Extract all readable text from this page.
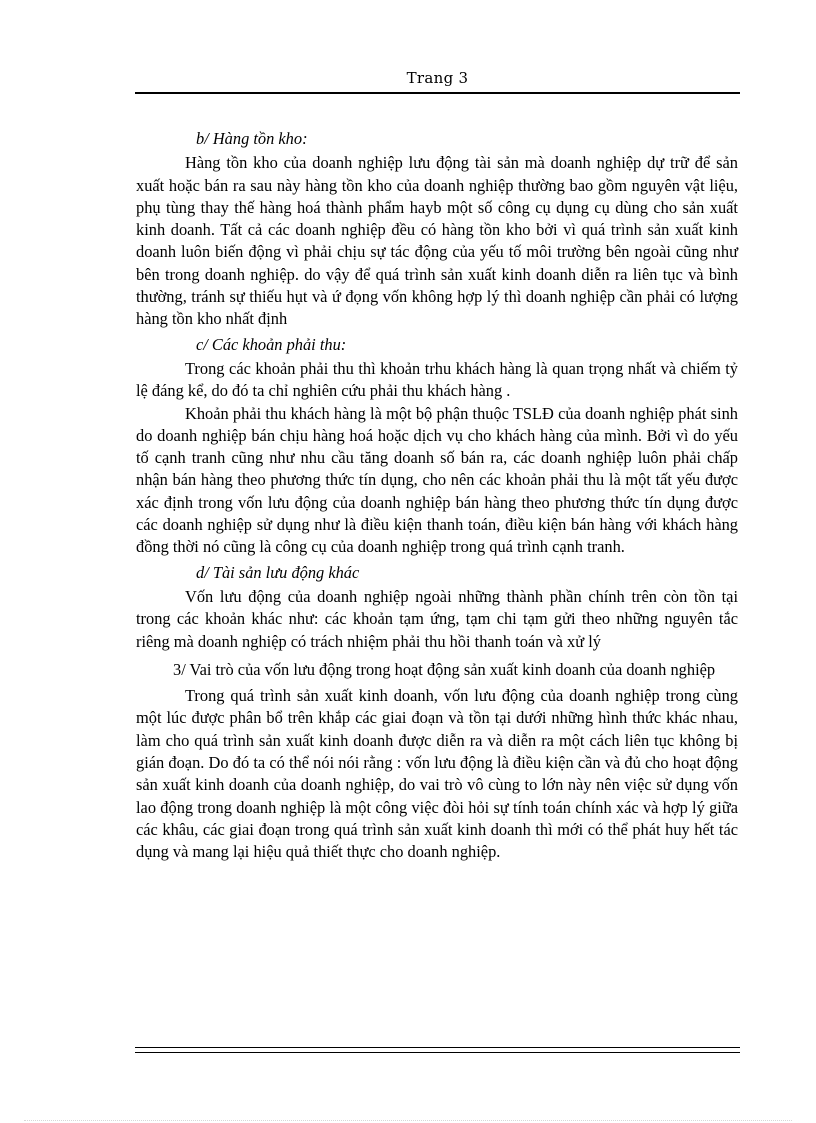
Trang 3

b/ Hàng tồn kho:

Hàng tồn kho của doanh nghiệp lưu động tài sản mà doanh nghiệp dự trữ để sản xuất hoặc bán ra sau này hàng tồn kho của doanh nghiệp thường bao gồm nguyên vật liệu, phụ tùng thay thế hàng hoá thành phẩm hayb một số công cụ dụng cụ dùng cho sản xuất kinh doanh. Tất cả các doanh nghiệp đều có hàng tồn kho bởi vì quá trình sản xuất kinh doanh luôn biến động vì phải chịu sự tác động của yếu tố môi trường bên ngoài cũng như bên trong doanh nghiệp. do vậy để quá trình sản xuất kinh doanh diễn ra liên tục và bình thường, tránh sự thiếu hụt và ứ đọng vốn không hợp lý thì doanh nghiệp cần phải có lượng hàng tồn kho nhất định

c/ Các khoản phải thu:

Trong các khoản phải thu thì khoản trhu khách hàng là quan trọng nhất và chiếm tỷ lệ đáng kể, do đó ta chỉ nghiên cứu phải thu khách hàng .

Khoản phải thu khách hàng là một bộ phận thuộc TSLĐ của doanh nghiệp phát sinh do doanh nghiệp bán chịu hàng hoá hoặc dịch vụ cho khách hàng của mình. Bởi vì do yếu tố cạnh tranh cũng như nhu cầu tăng doanh số bán ra, các doanh nghiệp luôn phải chấp nhận bán hàng theo phương thức tín dụng, cho nên các khoản phải thu là một tất yếu được xác định trong vốn lưu động của doanh nghiệp bán hàng theo phương thức tín dụng được các doanh nghiệp sử dụng như là điều kiện thanh toán, điều kiện bán hàng với khách hàng đồng thời nó cũng là công cụ của doanh nghiệp trong quá trình cạnh tranh.

d/ Tài sản lưu động khác

Vốn lưu động của doanh nghiệp ngoài những thành phần chính trên còn tồn tại trong các khoản khác như: các khoản tạm ứng, tạm chi tạm gửi theo những nguyên tắc riêng mà doanh nghiệp có trách nhiệm phải thu hồi thanh toán và xử lý

3/ Vai trò của vốn lưu động trong hoạt động sản xuất kinh doanh của doanh nghiệp

Trong quá trình sản xuất kinh doanh, vốn lưu động của doanh nghiệp trong cùng một lúc được phân bổ trên khắp các giai đoạn và tồn tại dưới những hình thức khác nhau, làm cho quá trình sản xuất kinh doanh được diễn ra và diễn ra một cách liên tục không bị gián đoạn. Do đó ta có thể nói nói rằng : vốn lưu động là điều kiện cần và đủ cho hoạt động sản xuất kinh doanh của doanh nghiệp, do vai trò vô cùng to lớn này nên việc sử dụng vốn lao động trong doanh nghiệp là một công việc đòi hỏi sự tính toán chính xác và hợp lý giữa các khâu, các giai đoạn trong quá trình sản xuất kinh doanh thì mới có thể phát huy hết tác dụng và mang lại hiệu quả thiết thực cho doanh nghiệp.
